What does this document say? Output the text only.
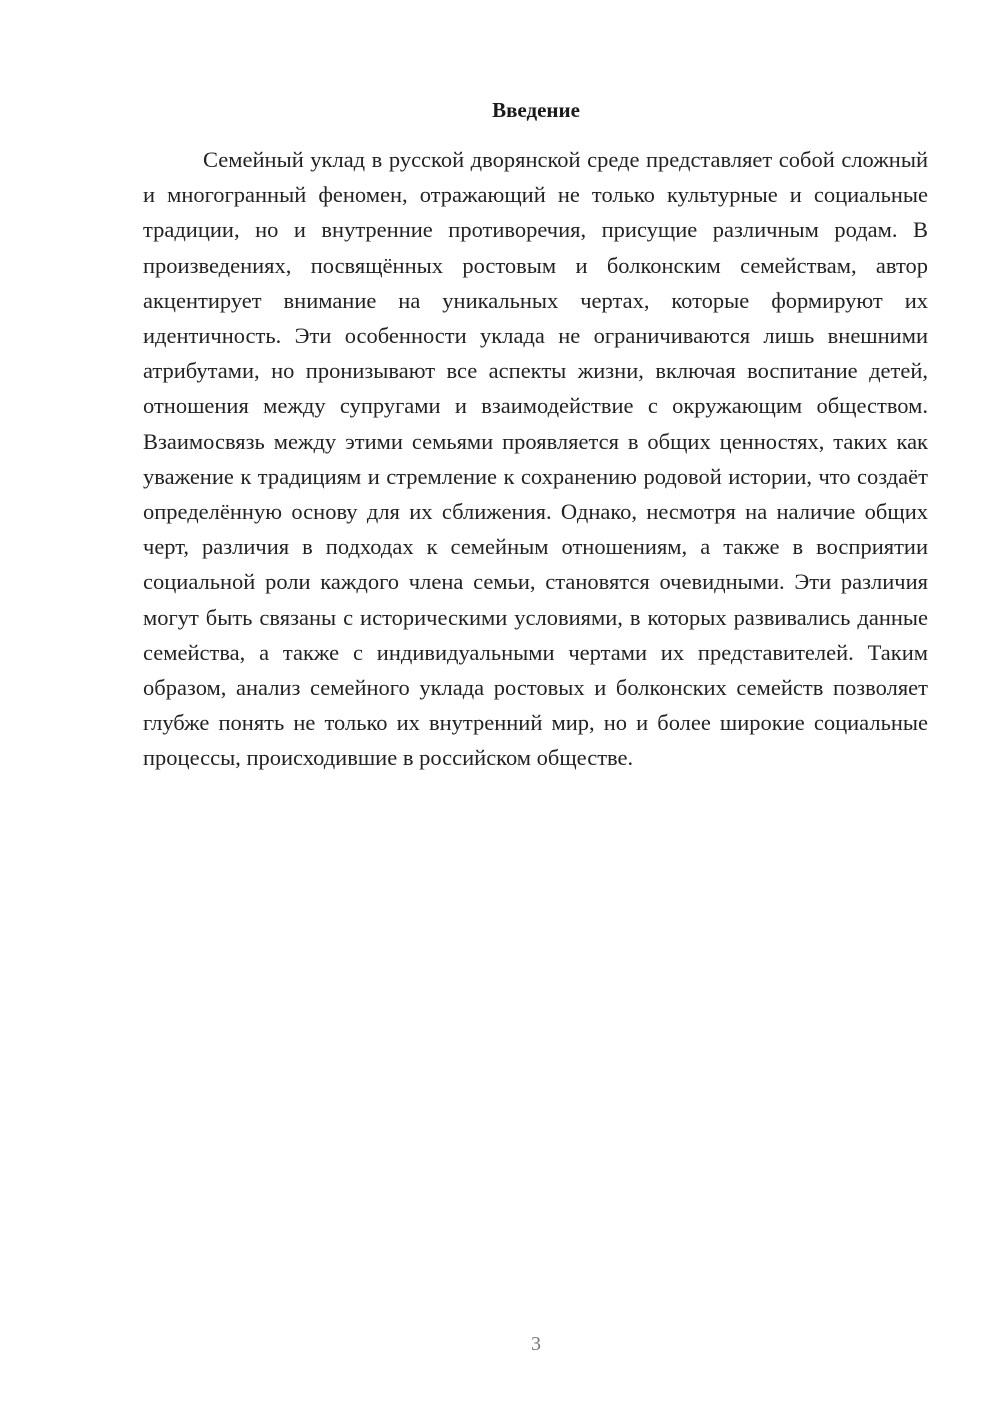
Введение

Семейный уклад в русской дворянской среде представляет собой сложный и многогранный феномен, отражающий не только культурные и социальные традиции, но и внутренние противоречия, присущие различным родам. В произведениях, посвящённых ростовым и болконским семействам, автор акцентирует внимание на уникальных чертах, которые формируют их идентичность. Эти особенности уклада не ограничиваются лишь внешними атрибутами, но пронизывают все аспекты жизни, включая воспитание детей, отношения между супругами и взаимодействие с окружающим обществом. Взаимосвязь между этими семьями проявляется в общих ценностях, таких как уважение к традициям и стремление к сохранению родовой истории, что создаёт определённую основу для их сближения. Однако, несмотря на наличие общих черт, различия в подходах к семейным отношениям, а также в восприятии социальной роли каждого члена семьи, становятся очевидными. Эти различия могут быть связаны с историческими условиями, в которых развивались данные семейства, а также с индивидуальными чертами их представителей. Таким образом, анализ семейного уклада ростовых и болконских семейств позволяет глубже понять не только их внутренний мир, но и более широкие социальные процессы, происходившие в российском обществе.

3
